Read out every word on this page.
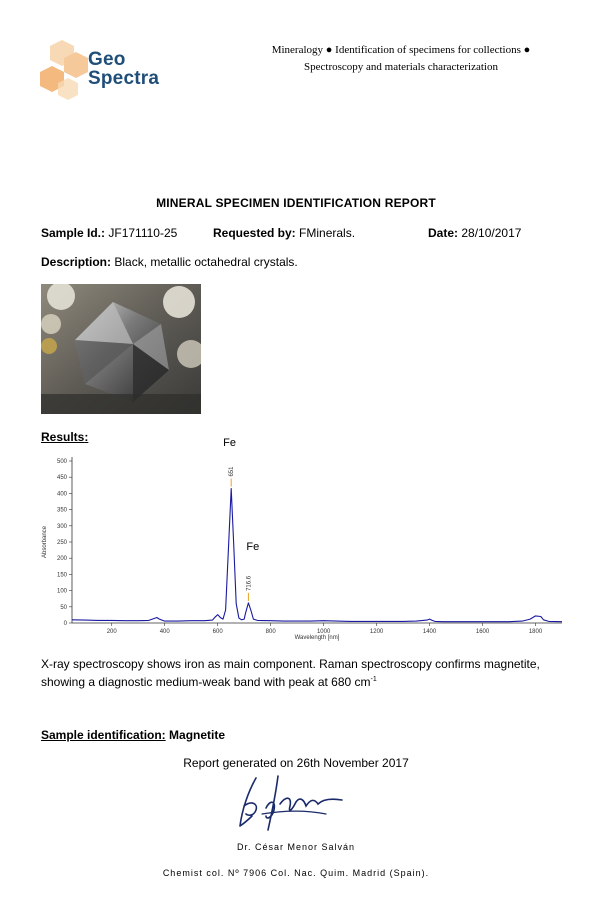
Geo
Spectra
Mineralogy ● Identification of specimens for collections ●
Spectroscopy and materials characterization
MINERAL SPECIMEN IDENTIFICATION REPORT
Sample Id.: JF171110-25	Requested by: FMinerals.	Date: 28/10/2017
Description: Black, metallic octahedral crystals.
Results:
0
50
100
150
200
250
300
350
400
450
500
200	400	600	800	1000	1200	1400	1600	1800
Wavelength [nm]
Absorbance
651
Fe
716.6
Fe
X-ray spectroscopy shows iron as main component. Raman spectroscopy confirms magnetite,
showing a diagnostic medium-weak band with peak at 680 $cm^{-1}$
Sample identification: Magnetite
Report generated on 26th November 2017
Dr. César Menor Salván
Chemist col. Nº 7906 Col. Nac. Quim. Madrid (Spain).
